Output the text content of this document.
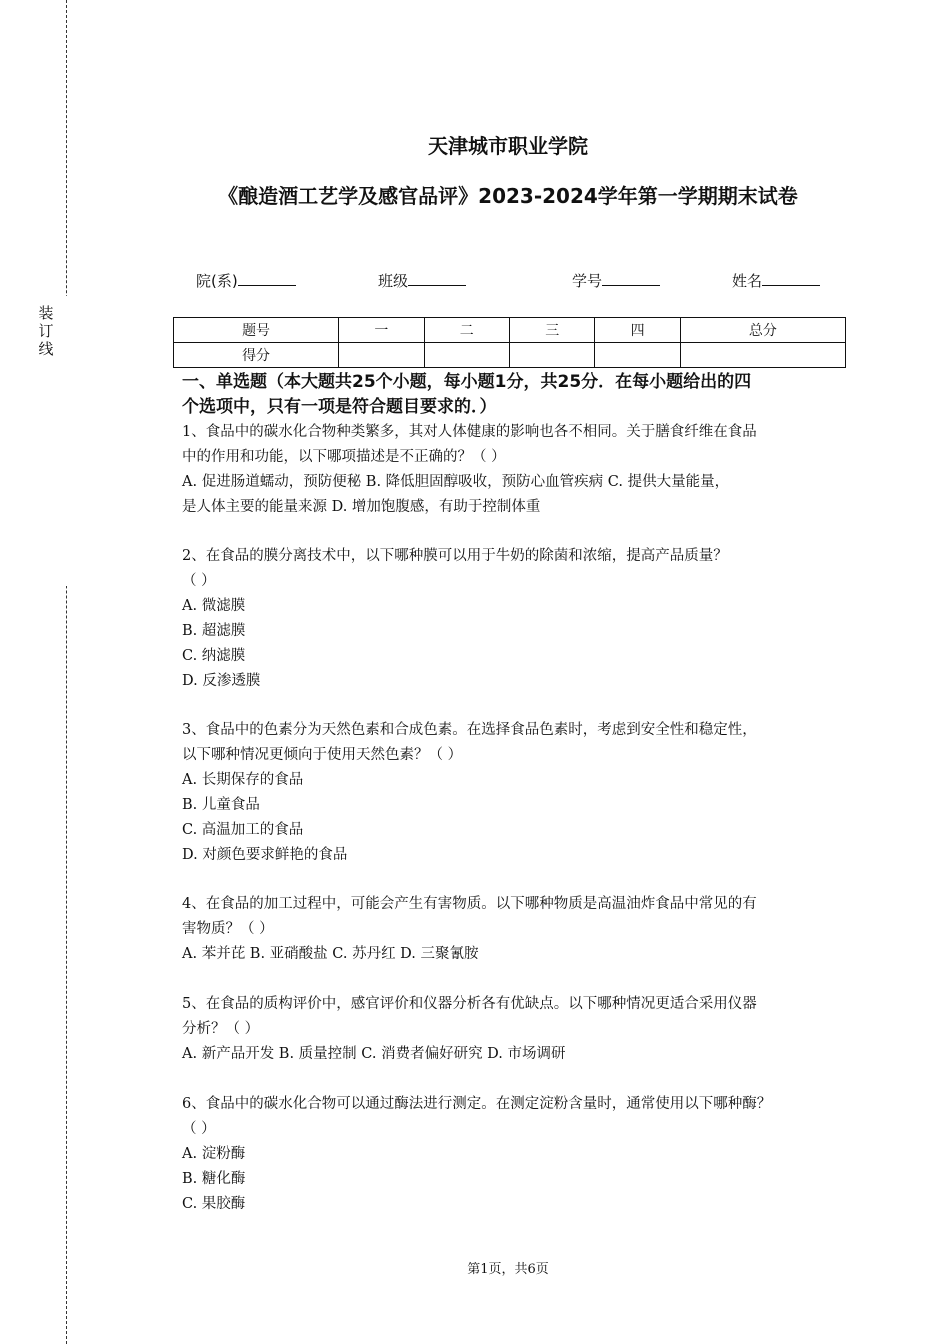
装
订
线
天津城市职业学院
《酿造酒工艺学及感官品评》2023-2024学年第一学期期末试卷
院(系)	班级	学号	姓名
题号	一	二	三	四	总分
得分					
一、单选题（本大题共25个小题，每小题1分，共25分．在每小题给出的四
个选项中，只有一项是符合题目要求的．）
1、食品中的碳水化合物种类繁多，其对人体健康的影响也各不相同。关于膳食纤维在食品
中的作用和功能，以下哪项描述是不正确的？（ ）
A. 促进肠道蠕动，预防便秘 B. 降低胆固醇吸收，预防心血管疾病 C. 提供大量能量，
是人体主要的能量来源 D. 增加饱腹感，有助于控制体重
2、在食品的膜分离技术中，以下哪种膜可以用于牛奶的除菌和浓缩，提高产品质量？
（ ）
A. 微滤膜
B. 超滤膜
C. 纳滤膜
D. 反渗透膜
3、食品中的色素分为天然色素和合成色素。在选择食品色素时，考虑到安全性和稳定性，
以下哪种情况更倾向于使用天然色素？（ ）
A. 长期保存的食品
B. 儿童食品
C. 高温加工的食品
D. 对颜色要求鲜艳的食品
4、在食品的加工过程中，可能会产生有害物质。以下哪种物质是高温油炸食品中常见的有
害物质？（ ）
A. 苯并芘 B. 亚硝酸盐 C. 苏丹红 D. 三聚氰胺
5、在食品的质构评价中，感官评价和仪器分析各有优缺点。以下哪种情况更适合采用仪器
分析？（ ）
A. 新产品开发 B. 质量控制 C. 消费者偏好研究 D. 市场调研
6、食品中的碳水化合物可以通过酶法进行测定。在测定淀粉含量时，通常使用以下哪种酶？
（ ）
A. 淀粉酶
B. 糖化酶
C. 果胶酶
第1页，共6页
